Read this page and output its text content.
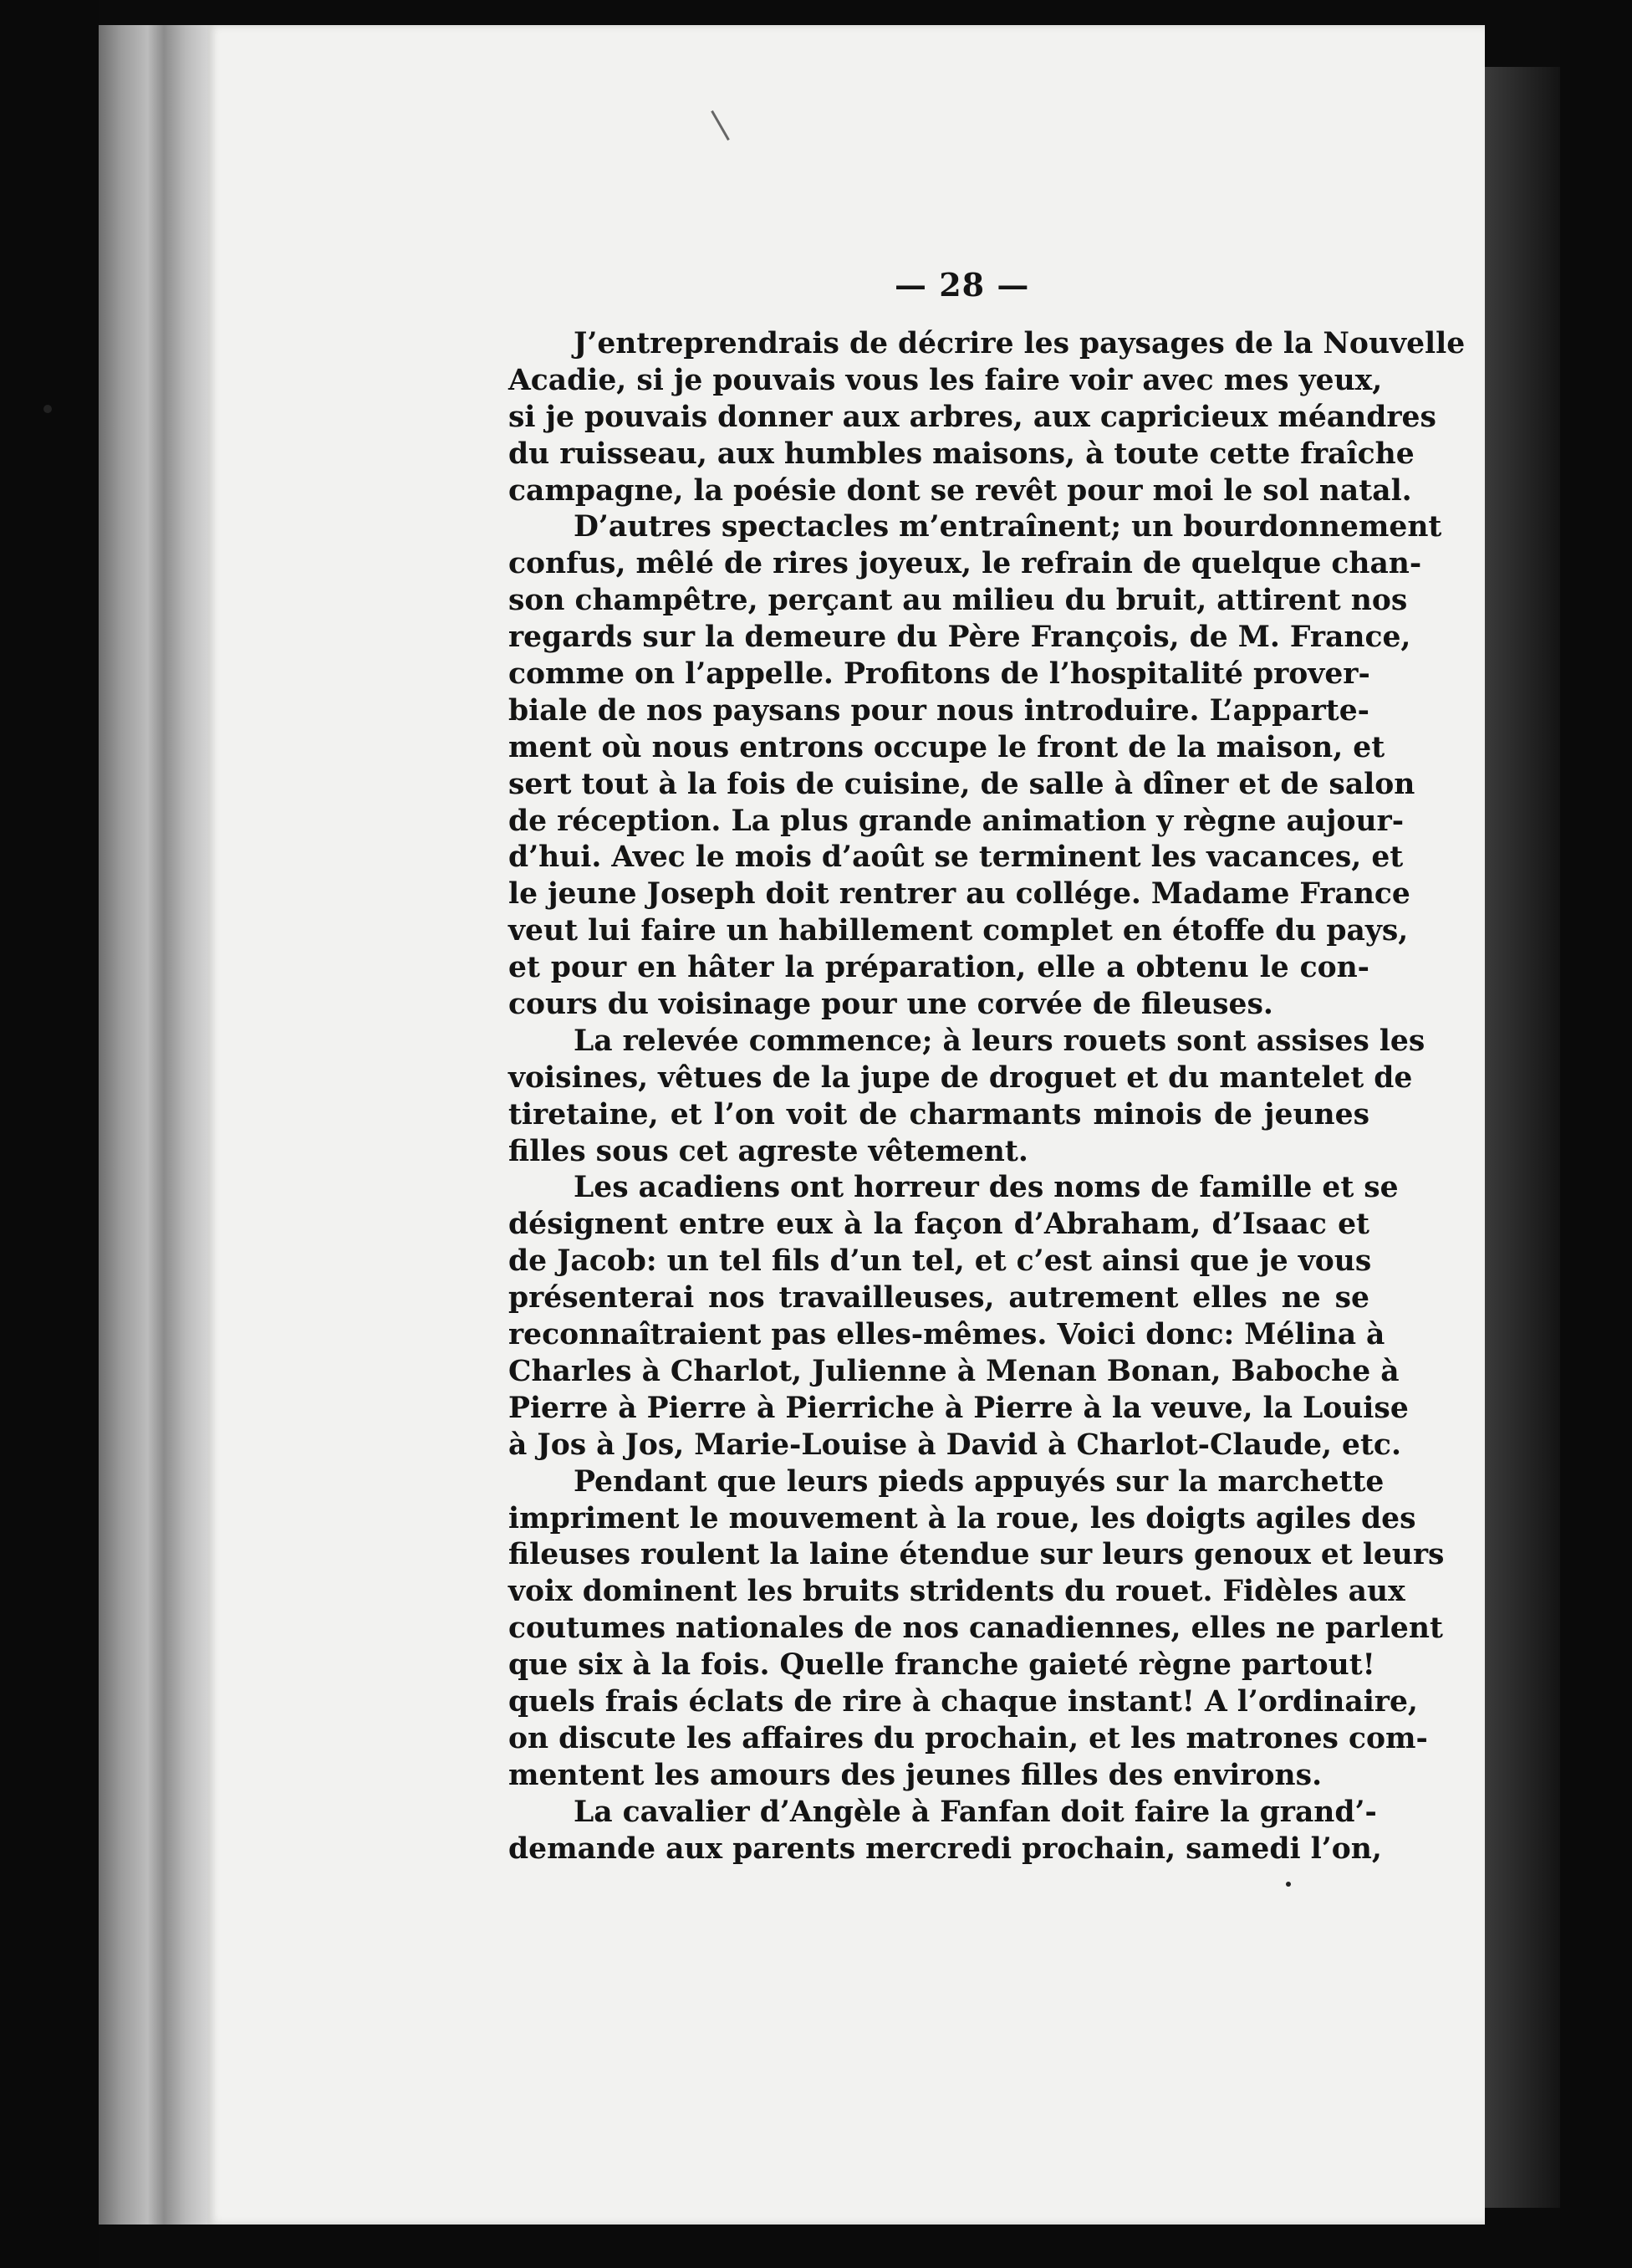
— 28 —
J’entreprendrais de décrire les paysages de la Nouvelle
Acadie, si je pouvais vous les faire voir avec mes yeux,
si je pouvais donner aux arbres, aux capricieux méandres
du ruisseau, aux humbles maisons, à toute cette fraîche
campagne, la poésie dont se revêt pour moi le sol natal.
D’autres spectacles m’entraînent; un bourdonnement
confus, mêlé de rires joyeux, le refrain de quelque chan-
son champêtre, perçant au milieu du bruit, attirent nos
regards sur la demeure du Père François, de M. France,
comme on l’appelle. Profitons de l’hospitalité prover-
biale de nos paysans pour nous introduire. L’apparte-
ment où nous entrons occupe le front de la maison, et
sert tout à la fois de cuisine, de salle à dîner et de salon
de réception. La plus grande animation y règne aujour-
d’hui. Avec le mois d’août se terminent les vacances, et
le jeune Joseph doit rentrer au collége. Madame France
veut lui faire un habillement complet en étoffe du pays,
et pour en hâter la préparation, elle a obtenu le con-
cours du voisinage pour une corvée de fileuses.
La relevée commence; à leurs rouets sont assises les
voisines, vêtues de la jupe de droguet et du mantelet de
tiretaine, et l’on voit de charmants minois de jeunes
filles sous cet agreste vêtement.
Les acadiens ont horreur des noms de famille et se
désignent entre eux à la façon d’Abraham, d’Isaac et
de Jacob: un tel fils d’un tel, et c’est ainsi que je vous
présenterai nos travailleuses, autrement elles ne se
reconnaîtraient pas elles-mêmes. Voici donc: Mélina à
Charles à Charlot, Julienne à Menan Bonan, Baboche à
Pierre à Pierre à Pierriche à Pierre à la veuve, la Louise
à Jos à Jos, Marie-Louise à David à Charlot-Claude, etc.
Pendant que leurs pieds appuyés sur la marchette
impriment le mouvement à la roue, les doigts agiles des
fileuses roulent la laine étendue sur leurs genoux et leurs
voix dominent les bruits stridents du rouet. Fidèles aux
coutumes nationales de nos canadiennes, elles ne parlent
que six à la fois. Quelle franche gaieté règne partout!
quels frais éclats de rire à chaque instant! A l’ordinaire,
on discute les affaires du prochain, et les matrones com-
mentent les amours des jeunes filles des environs.
La cavalier d’Angèle à Fanfan doit faire la grand’-
demande aux parents mercredi prochain, samedi l’on,
